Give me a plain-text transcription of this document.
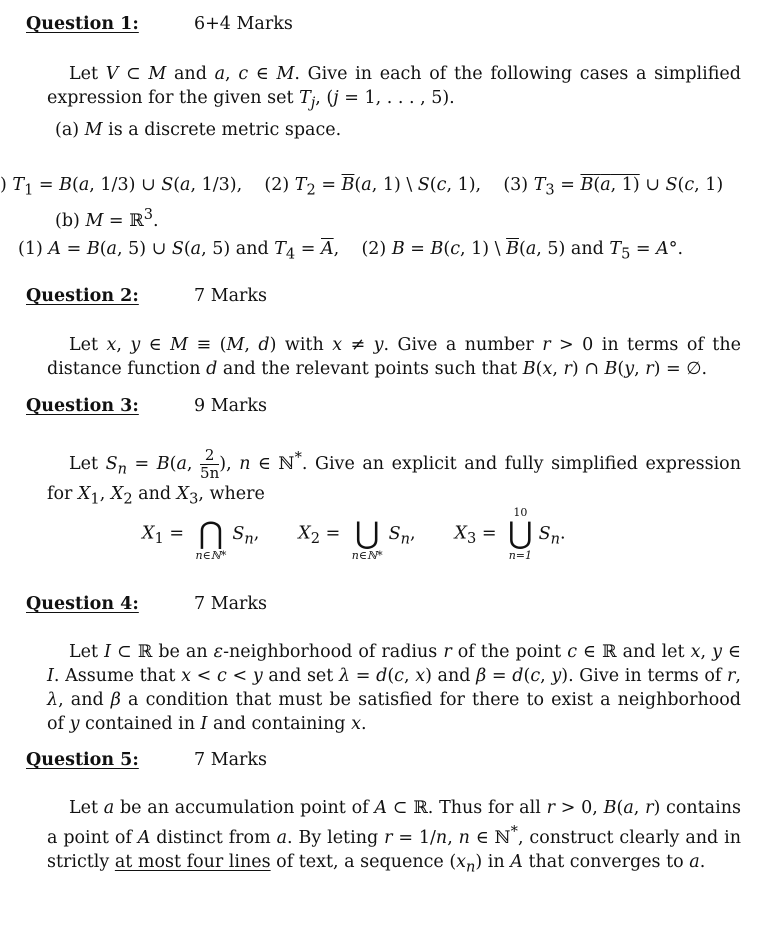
Question 1:	6+4 Marks
Let V ⊂ M and a, c ∈ M. Give in each of the following cases a simplified expression for the given set $T_j$, (j = 1, . . . , 5).
(a) M is a discrete metric space.
) $T_1 = B(a$, 1/3) ∪ S(a, 1/3),    (2) $T_2 = \overline{B}(a$, 1) \ S(c, 1),    (3) $T_3 = B(a$, 1) ∪ S(c, 1)
(b) M = ℝ$^3$.
(1) A = B(a, 5) ∪ S(a, 5) and $T_4 = \overline{A}$,    (2) B = B(c, 1) \ $\overline{B}(a$, 5) and $T_5 = A^\circ$.
Question 2:	7 Marks
Let x, y ∈ M ≡ (M, d) with x ≠ y. Give a number r > 0 in terms of the distance function d and the relevant points such that B(x, r) ∩ B(y, r) = ∅.
Question 3:	9 Marks
Let $S_n = B(a$, $\frac{2}{5n}$ ), n ∈ ℕ*. Give an explicit and fully simplified expression for $X_1$, $X_2$ and $X_3$, where
$X_1$ =
⋂
n∈ℕ*
$S_n$,       $X_2$ =
⋃
n∈ℕ*
$S_n$,       $X_3$ =
10
⋃
n=1
$S_n$.
Question 4:	7 Marks
Let I ⊂ ℝ be an ε-neighborhood of radius r of the point c ∈ ℝ and let x, y ∈ I. Assume that x < c < y and set λ = d(c, x) and β = d(c, y). Give in terms of r, λ, and β a condition that must be satisfied for there to exist a neighborhood of y contained in I and containing x.
Question 5:	7 Marks
Let a be an accumulation point of A ⊂ ℝ. Thus for all r > 0, B(a, r) contains a point of A distinct from a. By leting r = 1/n, n ∈ ℕ*, construct clearly and in strictly at most four lines of text, a sequence $(x_n)$ in A that converges to a.
